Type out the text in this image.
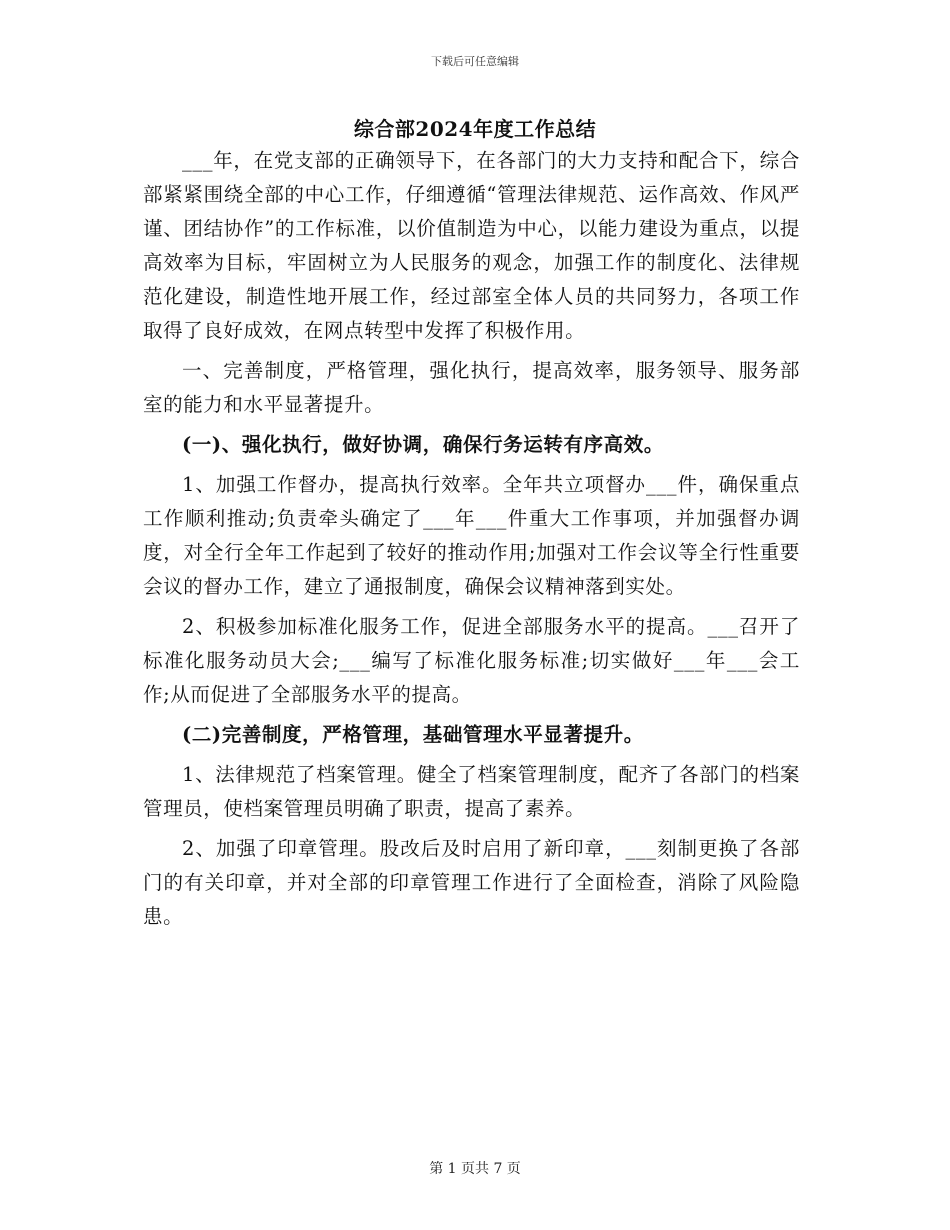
下载后可任意编辑
综合部2024年度工作总结

___年，在党支部的正确领导下，在各部门的大力支持和配合下，综合部紧紧围绕全部的中心工作，仔细遵循“管理法律规范、运作高效、作风严谨、团结协作”的工作标准，以价值制造为中心，以能力建设为重点，以提高效率为目标，牢固树立为人民服务的观念，加强工作的制度化、法律规范化建设，制造性地开展工作，经过部室全体人员的共同努力，各项工作取得了良好成效，在网点转型中发挥了积极作用。

一、完善制度，严格管理，强化执行，提高效率，服务领导、服务部室的能力和水平显著提升。

(一)、强化执行，做好协调，确保行务运转有序高效。

1、加强工作督办，提高执行效率。全年共立项督办___件，确保重点工作顺利推动;负责牵头确定了___年___件重大工作事项，并加强督办调度，对全行全年工作起到了较好的推动作用;加强对工作会议等全行性重要会议的督办工作，建立了通报制度，确保会议精神落到实处。

2、积极参加标准化服务工作，促进全部服务水平的提高。___召开了标准化服务动员大会;___编写了标准化服务标准;切实做好___年___会工作;从而促进了全部服务水平的提高。

(二)完善制度，严格管理，基础管理水平显著提升。

1、法律规范了档案管理。健全了档案管理制度，配齐了各部门的档案管理员，使档案管理员明确了职责，提高了素养。

2、加强了印章管理。股改后及时启用了新印章，___刻制更换了各部门的有关印章，并对全部的印章管理工作进行了全面检查，消除了风险隐患。

第 1 页共 7 页
